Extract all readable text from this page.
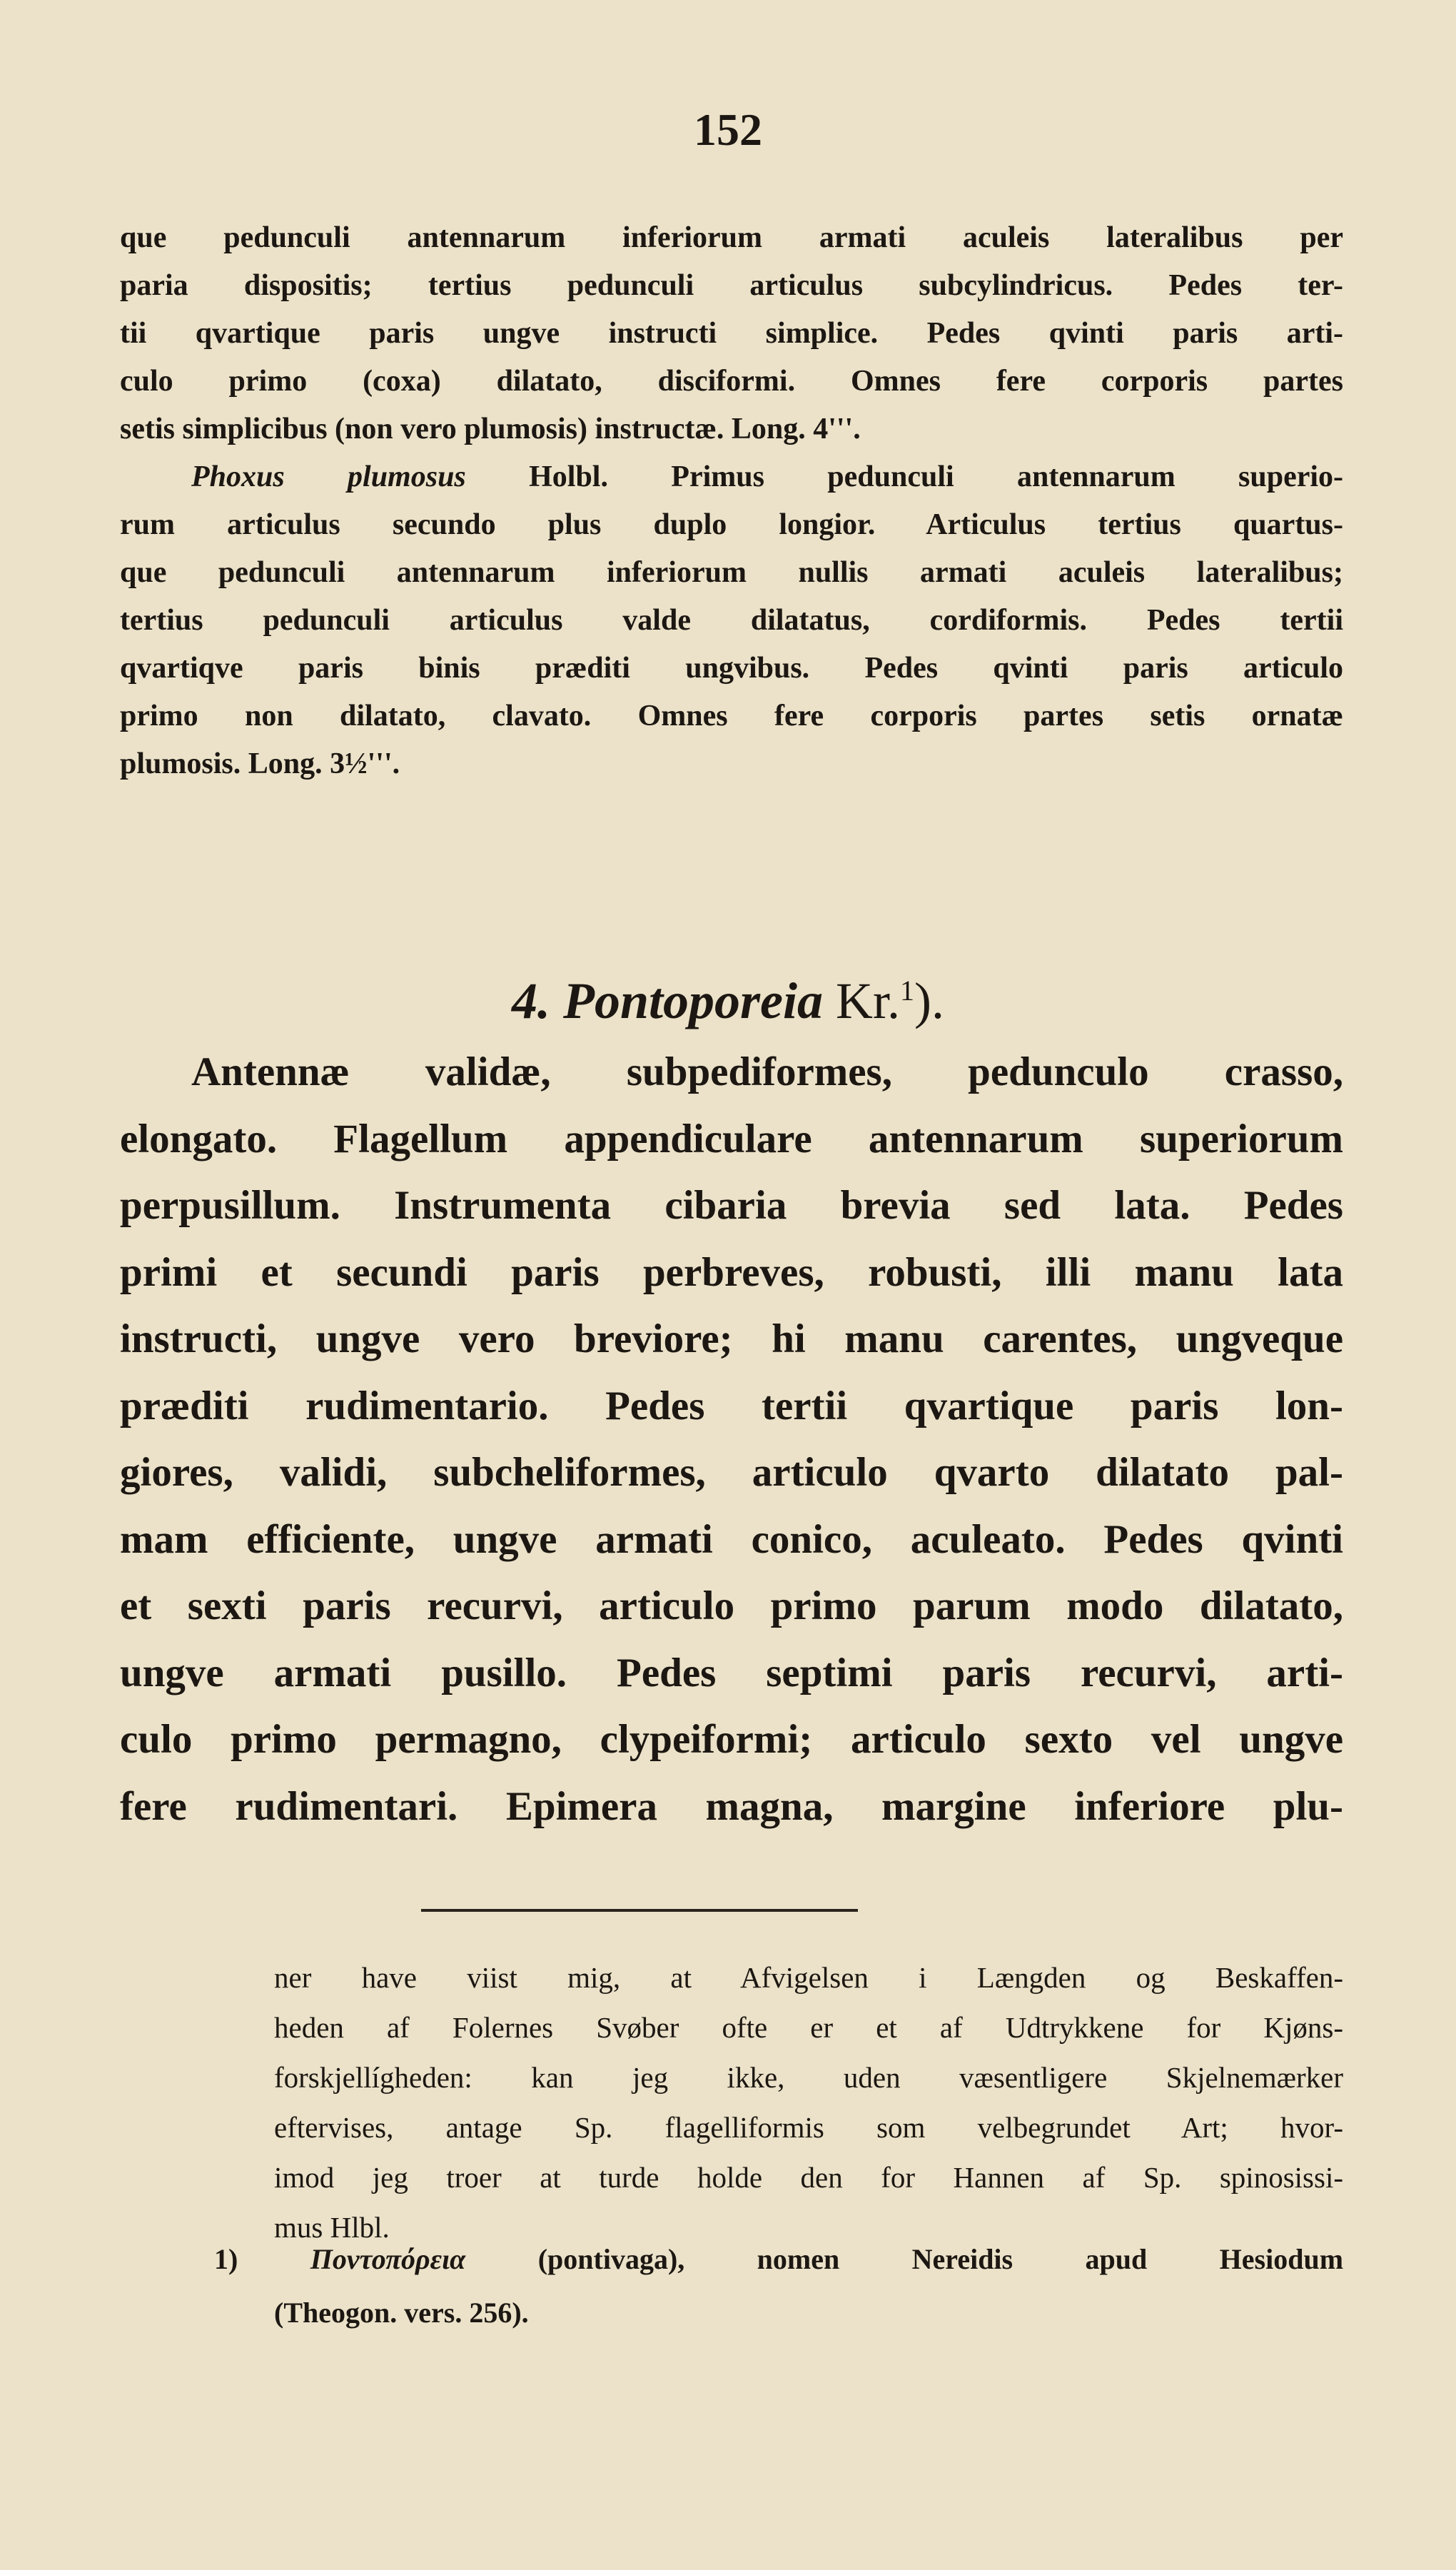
152
que pedunculi antennarum inferiorum armati aculeis lateralibus per
paria dispositis; tertius pedunculi articulus subcylindricus. Pedes ter-
tii qvartique paris ungve instructi simplice. Pedes qvinti paris arti-
culo primo (coxa) dilatato, disciformi. Omnes fere corporis partes
setis simplicibus (non vero plumosis) instructæ. Long. 4'''.
Phoxus plumosus Holbl. Primus pedunculi antennarum superio-
rum articulus secundo plus duplo longior. Articulus tertius quartus-
que pedunculi antennarum inferiorum nullis armati aculeis lateralibus;
tertius pedunculi articulus valde dilatatus, cordiformis. Pedes tertii
qvartiqve paris binis præditi ungvibus. Pedes qvinti paris articulo
primo non dilatato, clavato. Omnes fere corporis partes setis ornatæ
plumosis. Long. 3½'''.
4. Pontoporeia Kr.$^1$).
Antennæ validæ, subpediformes, pedunculo crasso,
elongato. Flagellum appendiculare antennarum superiorum
perpusillum. Instrumenta cibaria brevia sed lata. Pedes
primi et secundi paris perbreves, robusti, illi manu lata
instructi, ungve vero breviore; hi manu carentes, ungveque
præditi rudimentario. Pedes tertii qvartique paris lon-
giores, validi, subcheliformes, articulo qvarto dilatato pal-
mam efficiente, ungve armati conico, aculeato. Pedes qvinti
et sexti paris recurvi, articulo primo parum modo dilatato,
ungve armati pusillo. Pedes septimi paris recurvi, arti-
culo primo permagno, clypeiformi; articulo sexto vel ungve
fere rudimentari. Epimera magna, margine inferiore plu-
ner have viist mig, at Afvigelsen i Længden og Beskaffen-
heden af Folernes Svøber ofte er et af Udtrykkene for Kjøns-
forskjellígheden: kan jeg ikke, uden væsentligere Skjelnemærker
eftervises, antage Sp. flagelliformis som velbegrundet Art; hvor-
imod jeg troer at turde holde den for Hannen af Sp. spinosissi-
mus Hlbl.
1)	Ποντοπόρεια	(pontivaga), nomen Nereidis apud Hesiodum
(Theogon. vers. 256).
